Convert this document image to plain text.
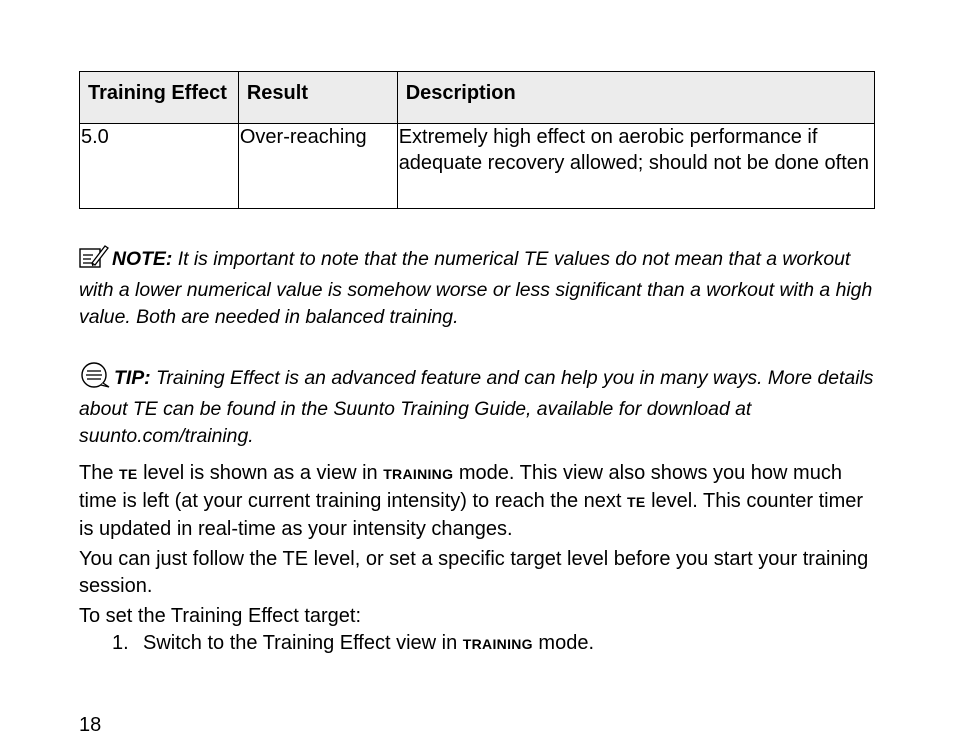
Training Effect	Result	Description
5.0	Over-reaching	Extremely high effect on aerobic performance if adequate recovery allowed; should not be done often
NOTE: It is important to note that the numerical TE values do not mean that a workout with a lower numerical value is somehow worse or less significant than a workout with a high value. Both are needed in balanced training.
TIP: Training Effect is an advanced feature and can help you in many ways. More details about TE can be found in the Suunto Training Guide, available for download at suunto.com/training.

The TE level is shown as a view in TRAINING mode. This view also shows you how much time is left (at your current training intensity) to reach the next TE level. This counter timer is updated in real-time as your intensity changes.

You can just follow the TE level, or set a specific target level before you start your training session.

To set the Training Effect target:

1. Switch to the Training Effect view in TRAINING mode.
18
